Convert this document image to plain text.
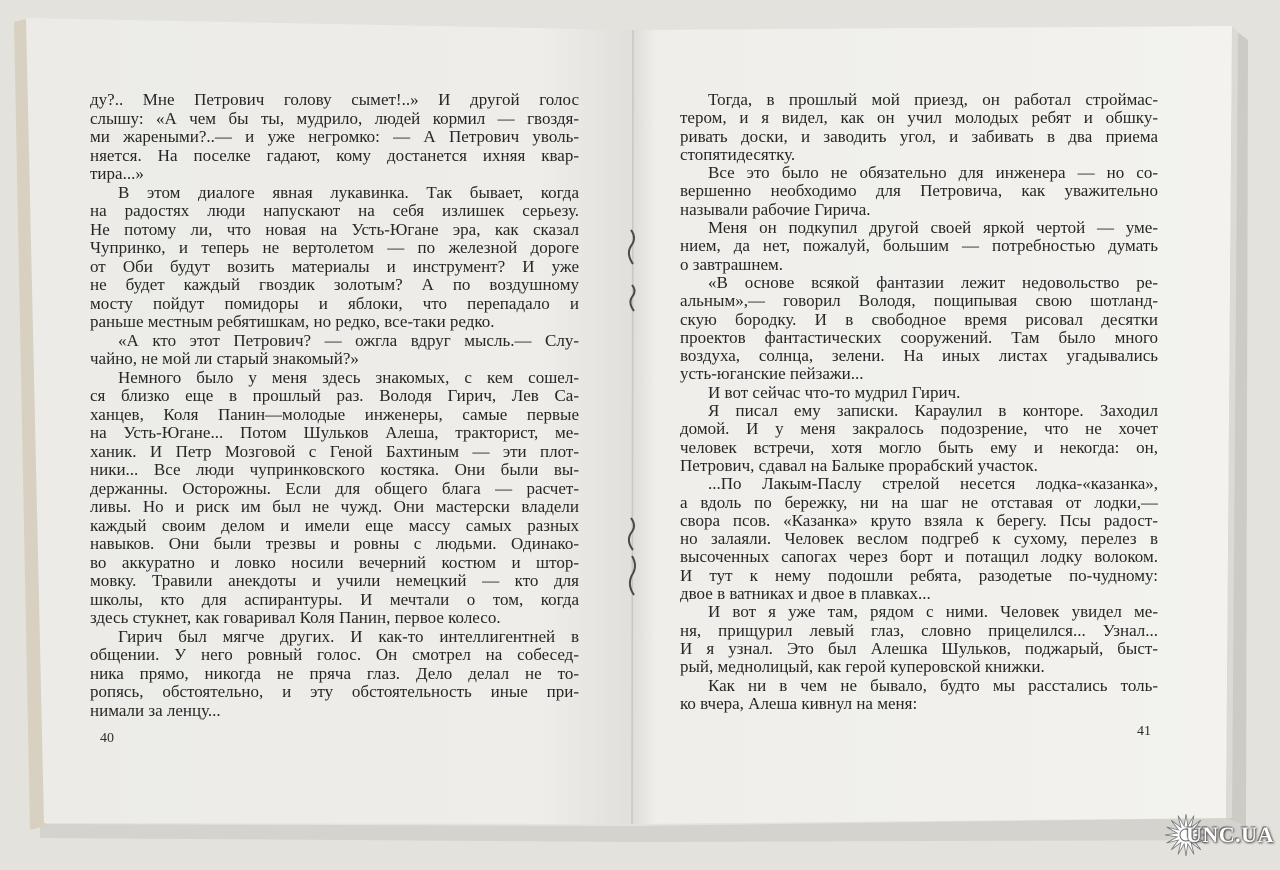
ду?.. Мне Петрович голову сымет!..» И другой голос
слышу: «А чем бы ты, мудрило, людей кормил — гвоздя-
ми жареными?..— и уже негромко: — А Петрович уволь-
няется. На поселке гадают, кому достанется ихняя квар-
тира...»
В этом диалоге явная лукавинка. Так бывает, когда
на радостях люди напускают на себя излишек серьезу.
Не потому ли, что новая на Усть-Югане эра, как сказал
Чупринко, и теперь не вертолетом — по железной дороге
от Оби будут возить материалы и инструмент? И уже
не будет каждый гвоздик золотым? А по воздушному
мосту пойдут помидоры и яблоки, что перепадало и
раньше местным ребятишкам, но редко, все-таки редко.
«А кто этот Петрович? — ожгла вдруг мысль.— Слу-
чайно, не мой ли старый знакомый?»
Немного было у меня здесь знакомых, с кем сошел-
ся близко еще в прошлый раз. Володя Гирич, Лев Са-
ханцев, Коля Панин—молодые инженеры, самые первые
на Усть-Югане... Потом Шульков Алеша, тракторист, ме-
ханик. И Петр Мозговой с Геной Бахтиным — эти плот-
ники... Все люди чупринковского костяка. Они были вы-
держанны. Осторожны. Если для общего блага — расчет-
ливы. Но и риск им был не чужд. Они мастерски владели
каждый своим делом и имели еще массу самых разных
навыков. Они были трезвы и ровны с людьми. Одинако-
во аккуратно и ловко носили вечерний костюм и штор-
мовку. Травили анекдоты и учили немецкий — кто для
школы, кто для аспирантуры. И мечтали о том, когда
здесь стукнет, как говаривал Коля Панин, первое колесо.
Гирич был мягче других. И как-то интеллигентней в
общении. У него ровный голос. Он смотрел на собесед-
ника прямо, никогда не пряча глаз. Дело делал не то-
ропясь, обстоятельно, и эту обстоятельность иные при-
нимали за ленцу...
Тогда, в прошлый мой приезд, он работал строймас-
тером, и я видел, как он учил молодых ребят и обшку-
ривать доски, и заводить угол, и забивать в два приема
стопятидесятку.
Все это было не обязательно для инженера — но со-
вершенно необходимо для Петровича, как уважительно
называли рабочие Гирича.
Меня он подкупил другой своей яркой чертой — уме-
нием, да нет, пожалуй, большим — потребностью думать
о завтрашнем.
«В основе всякой фантазии лежит недовольство ре-
альным»,— говорил Володя, пощипывая свою шотланд-
скую бородку. И в свободное время рисовал десятки
проектов фантастических сооружений. Там было много
воздуха, солнца, зелени. На иных листах угадывались
усть-юганские пейзажи...
И вот сейчас что-то мудрил Гирич.
Я писал ему записки. Караулил в конторе. Заходил
домой. И у меня закралось подозрение, что не хочет
человек встречи, хотя могло быть ему и некогда: он,
Петрович, сдавал на Балыке прорабский участок.
...По Лакым-Паслу стрелой несется лодка-«казанка»,
а вдоль по бережку, ни на шаг не отставая от лодки,—
свора псов. «Казанка» круто взяла к берегу. Псы радост-
но залаяли. Человек веслом подгреб к сухому, перелез в
высоченных сапогах через борт и потащил лодку волоком.
И тут к нему подошли ребята, разодетые по-чудному:
двое в ватниках и двое в плавках...
И вот я уже там, рядом с ними. Человек увидел ме-
ня, прищурил левый глаз, словно прицелился... Узнал...
И я узнал. Это был Алешка Шульков, поджарый, быст-
рый, меднолицый, как герой куперовской книжки.
Как ни в чем не бывало, будто мы расстались толь-
ко вчера, Алеша кивнул на меня:
40	41
UNC.UA
